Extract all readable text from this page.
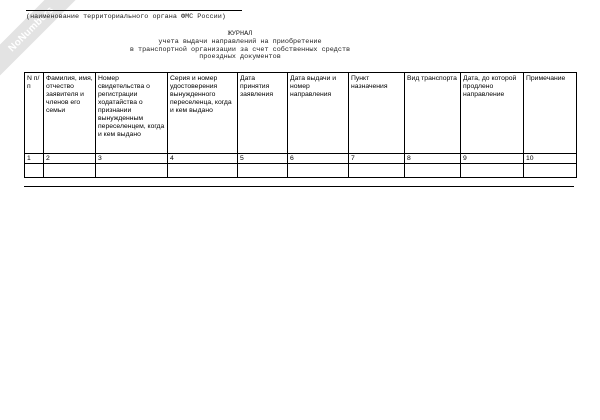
NoNumbers
(наименование территориального органа ФМС России)
ЖУРНАЛ
учета выдачи направлений на приобретение
в транспортной организации за счет собственных средств
проездных документов
N п/п	Фамилия, имя, отчество заявителя и членов его семьи	Номер свидетельства о регистрации ходатайства о признании вынужденным переселенцем, когда и кем выдано	Серия и номер удостоверения вынужденного переселенца, когда и кем выдано	Дата принятия заявления	Дата выдачи и номер направления	Пункт назначения	Вид транспорта	Дата, до которой продлено направление	Примечание
1	2	3	4	5	6	7	8	9	10
